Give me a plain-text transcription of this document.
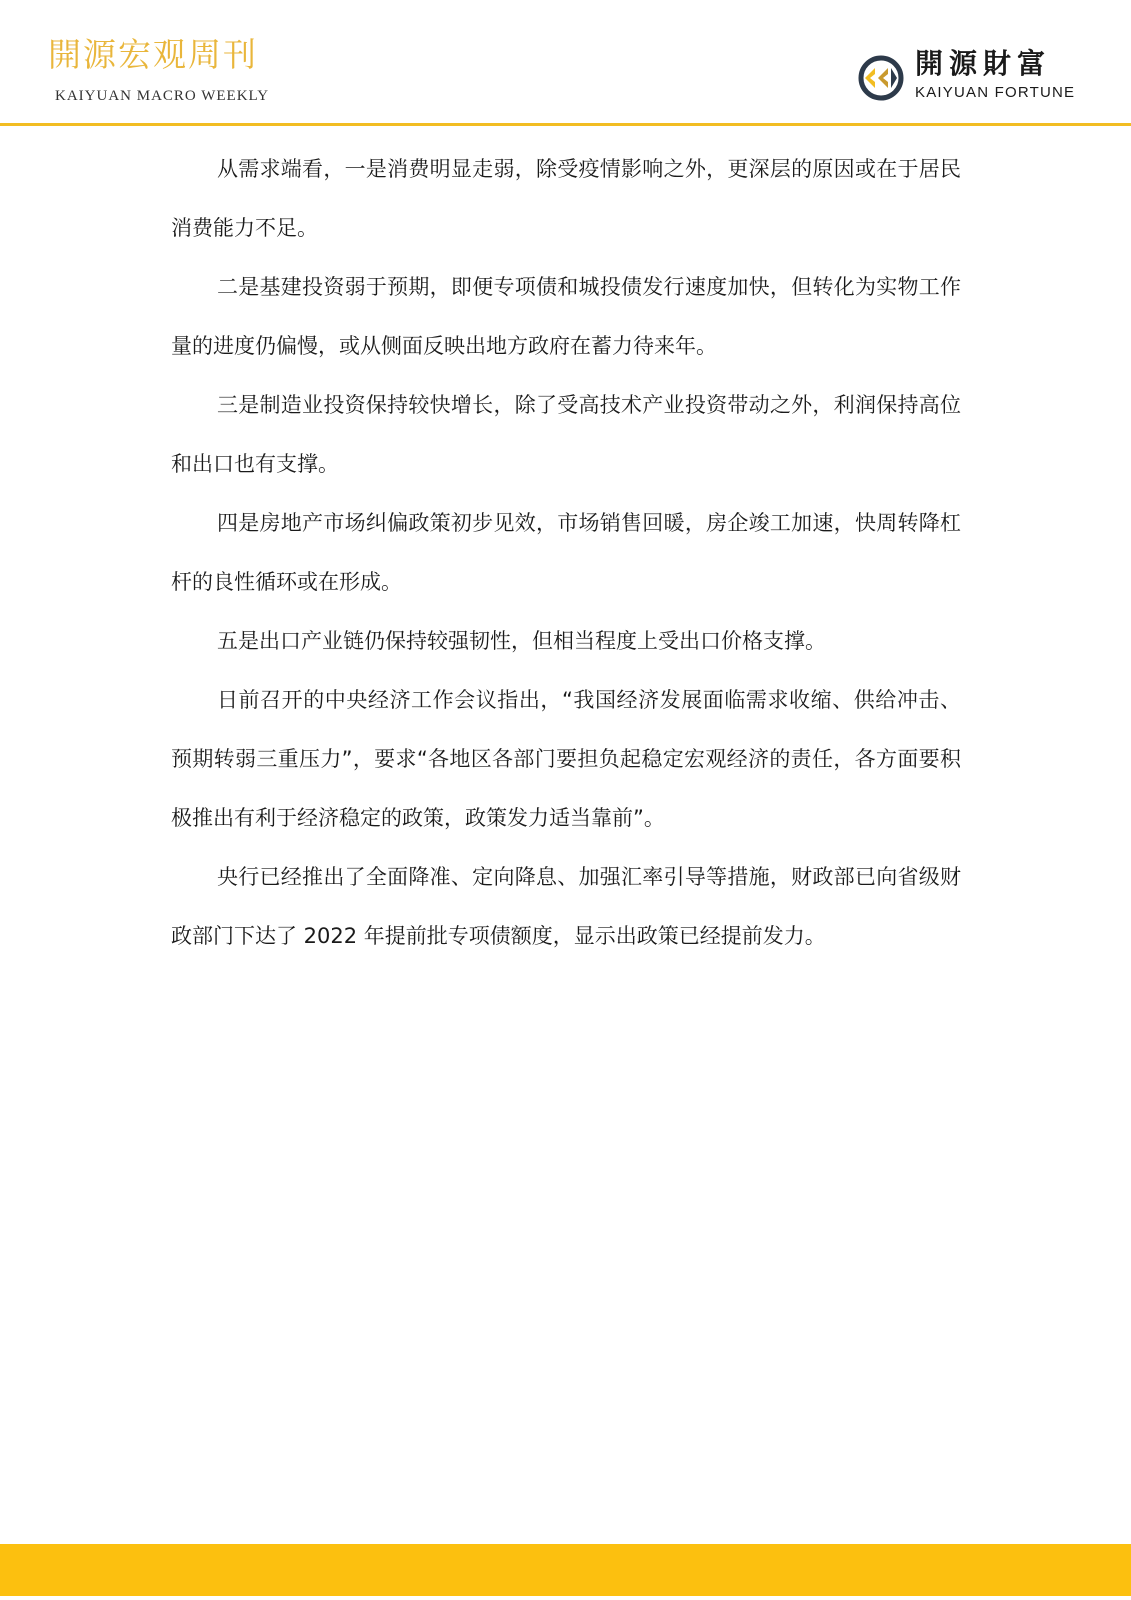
開源宏观周刊
KAIYUAN MACRO WEEKLY
開源財富
KAIYUAN FORTUNE

从需求端看，一是消费明显走弱，除受疫情影响之外，更深层的原因或在于居民消费能力不足。

二是基建投资弱于预期，即便专项债和城投债发行速度加快，但转化为实物工作量的进度仍偏慢，或从侧面反映出地方政府在蓄力待来年。

三是制造业投资保持较快增长，除了受高技术产业投资带动之外，利润保持高位和出口也有支撑。

四是房地产市场纠偏政策初步见效，市场销售回暖，房企竣工加速，快周转降杠杆的良性循环或在形成。

五是出口产业链仍保持较强韧性，但相当程度上受出口价格支撑。

日前召开的中央经济工作会议指出，“我国经济发展面临需求收缩、供给冲击、预期转弱三重压力”，要求“各地区各部门要担负起稳定宏观经济的责任，各方面要积极推出有利于经济稳定的政策，政策发力适当靠前”。

央行已经推出了全面降准、定向降息、加强汇率引导等措施，财政部已向省级财政部门下达了 2022 年提前批专项债额度，显示出政策已经提前发力。
